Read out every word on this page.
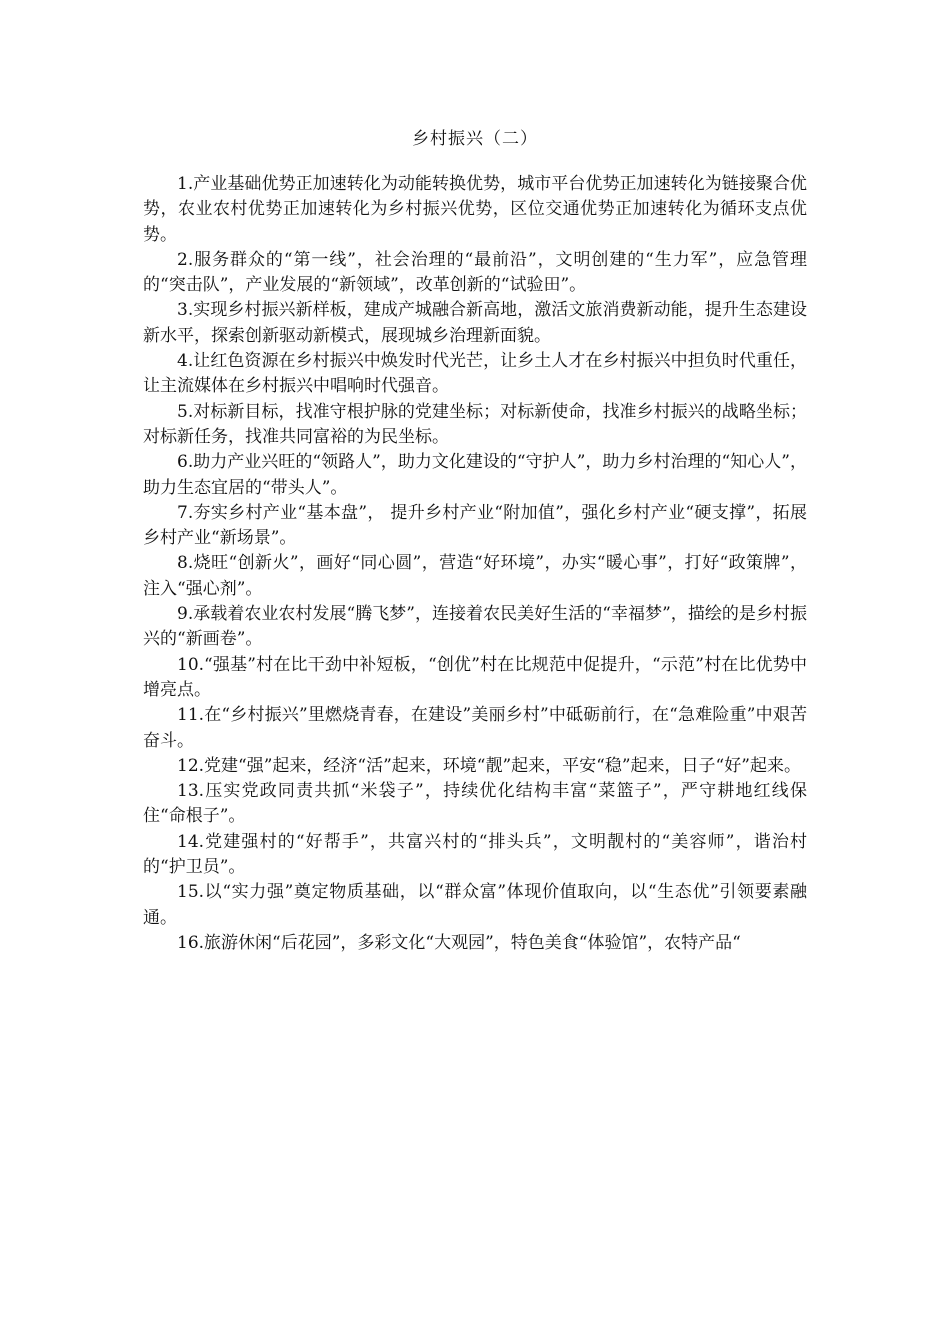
乡村振兴（二）

1.产业基础优势正加速转化为动能转换优势，城市平台优势正加速转化为链接聚合优势，农业农村优势正加速转化为乡村振兴优势，区位交通优势正加速转化为循环支点优势。

2.服务群众的“第一线”，社会治理的“最前沿”，文明创建的“生力军”，应急管理的“突击队”，产业发展的“新领域”，改革创新的“试验田”。

3.实现乡村振兴新样板，建成产城融合新高地，激活文旅消费新动能，提升生态建设新水平，探索创新驱动新模式，展现城乡治理新面貌。

4.让红色资源在乡村振兴中焕发时代光芒，让乡土人才在乡村振兴中担负时代重任，让主流媒体在乡村振兴中唱响时代强音。

5.对标新目标，找准守根护脉的党建坐标；对标新使命，找准乡村振兴的战略坐标；对标新任务，找准共同富裕的为民坐标。

6.助力产业兴旺的“领路人”，助力文化建设的“守护人”，助力乡村治理的“知心人”， 助力生态宜居的“带头人”。

7.夯实乡村产业“基本盘”， 提升乡村产业“附加值”，强化乡村产业“硬支撑”，拓展乡村产业“新场景”。

8.烧旺“创新火”，画好“同心圆”，营造“好环境”，办实“暖心事”，打好“政策牌”，注入“强心剂”。

9.承载着农业农村发展“腾飞梦”，连接着农民美好生活的“幸福梦”，描绘的是乡村振兴的“新画卷”。

10.“强基”村在比干劲中补短板，“创优”村在比规范中促提升，“示范”村在比优势中增亮点。

11.在“乡村振兴”里燃烧青春，在建设”美丽乡村”中砥砺前行，在“急难险重”中艰苦奋斗。

12.党建“强”起来，经济“活”起来，环境“靓”起来，平安“稳”起来，日子“好”起来。

13.压实党政同责共抓“米袋子”，持续优化结构丰富“菜篮子”，严守耕地红线保住“命根子”。

14.党建强村的“好帮手”，共富兴村的“排头兵”，文明靓村的“美容师”，谐治村的“护卫员”。

15.以“实力强”奠定物质基础，以“群众富”体现价值取向，以“生态优”引领要素融通。

16.旅游休闲“后花园”，多彩文化“大观园”，特色美食“体验馆”，农特产品“
